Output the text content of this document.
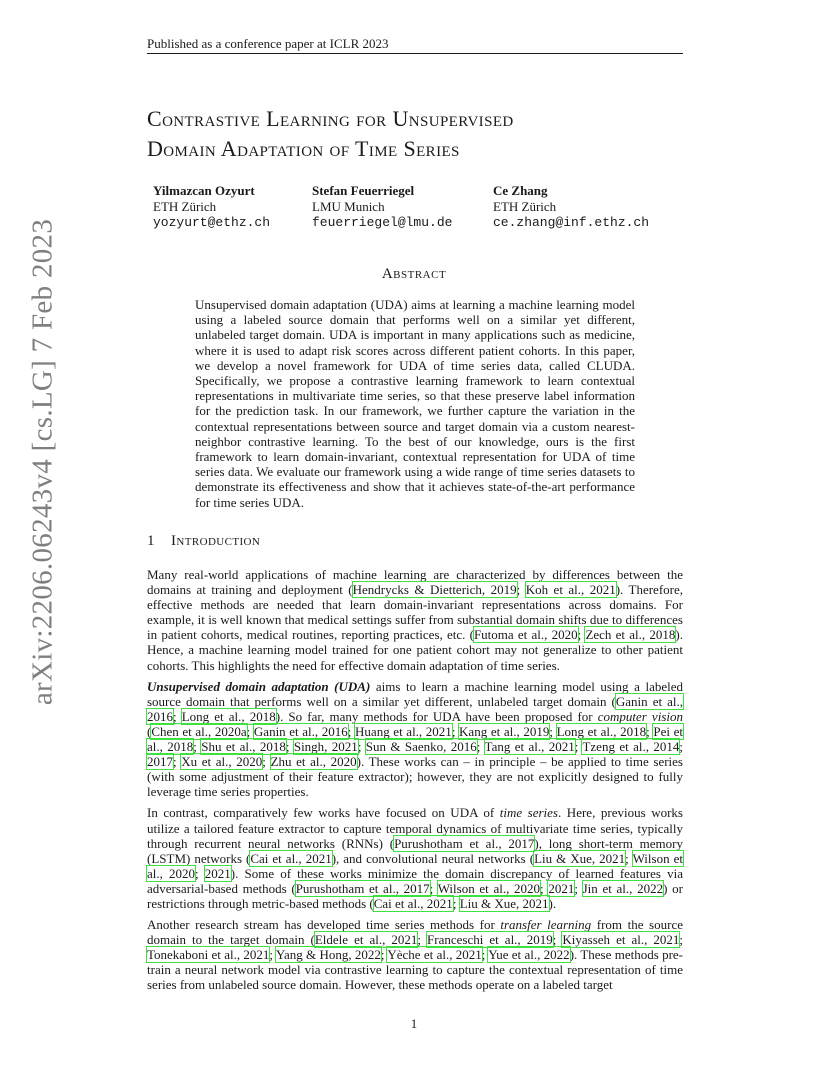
Published as a conference paper at ICLR 2023
arXiv:2206.06243v4 [cs.LG] 7 Feb 2023
Contrastive Learning for Unsupervised
Domain Adaptation of Time Series
Yilmazcan Ozyurt
ETH Zürich
yozyurt@ethz.ch
Stefan Feuerriegel
LMU Munich
feuerriegel@lmu.de
Ce Zhang
ETH Zürich
ce.zhang@inf.ethz.ch
Abstract
Unsupervised domain adaptation (UDA) aims at learning a machine learning model using a labeled source domain that performs well on a similar yet different, unlabeled target domain. UDA is important in many applications such as medicine, where it is used to adapt risk scores across different patient cohorts. In this paper, we develop a novel framework for UDA of time series data, called CLUDA. Specifically, we propose a contrastive learning framework to learn contextual representations in multivariate time series, so that these preserve label information for the prediction task. In our framework, we further capture the variation in the contextual representations between source and target domain via a custom nearest-neighbor contrastive learning. To the best of our knowledge, ours is the first framework to learn domain-invariant, contextual representation for UDA of time series data. We evaluate our framework using a wide range of time series datasets to demonstrate its effectiveness and show that it achieves state-of-the-art performance for time series UDA.
1 Introduction

Many real-world applications of machine learning are characterized by differences between the domains at training and deployment (Hendrycks & Dietterich, 2019; Koh et al., 2021). Therefore, effective methods are needed that learn domain-invariant representations across domains. For example, it is well known that medical settings suffer from substantial domain shifts due to differences in patient cohorts, medical routines, reporting practices, etc. (Futoma et al., 2020; Zech et al., 2018). Hence, a machine learning model trained for one patient cohort may not generalize to other patient cohorts. This highlights the need for effective domain adaptation of time series.

Unsupervised domain adaptation (UDA) aims to learn a machine learning model using a labeled source domain that performs well on a similar yet different, unlabeled target domain (Ganin et al., 2016; Long et al., 2018). So far, many methods for UDA have been proposed for computer vision (Chen et al., 2020a; Ganin et al., 2016; Huang et al., 2021; Kang et al., 2019; Long et al., 2018; Pei et al., 2018; Shu et al., 2018; Singh, 2021; Sun & Saenko, 2016; Tang et al., 2021; Tzeng et al., 2014; 2017; Xu et al., 2020; Zhu et al., 2020). These works can – in principle – be applied to time series (with some adjustment of their feature extractor); however, they are not explicitly designed to fully leverage time series properties.

In contrast, comparatively few works have focused on UDA of time series. Here, previous works utilize a tailored feature extractor to capture temporal dynamics of multivariate time series, typically through recurrent neural networks (RNNs) (Purushotham et al., 2017), long short-term memory (LSTM) networks (Cai et al., 2021), and convolutional neural networks (Liu & Xue, 2021; Wilson et al., 2020; 2021). Some of these works minimize the domain discrepancy of learned features via adversarial-based methods (Purushotham et al., 2017; Wilson et al., 2020; 2021; Jin et al., 2022) or restrictions through metric-based methods (Cai et al., 2021; Liu & Xue, 2021).

Another research stream has developed time series methods for transfer learning from the source domain to the target domain (Eldele et al., 2021; Franceschi et al., 2019; Kiyasseh et al., 2021; Tonekaboni et al., 2021; Yang & Hong, 2022; Yèche et al., 2021; Yue et al., 2022). These methods pre-train a neural network model via contrastive learning to capture the contextual representation of time series from unlabeled source domain. However, these methods operate on a labeled target

1
